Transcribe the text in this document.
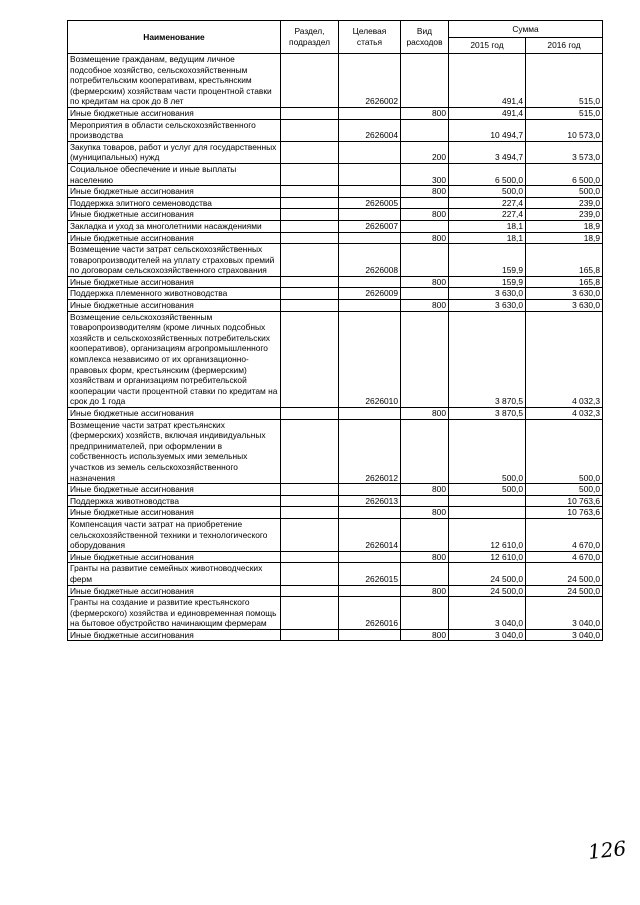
Наименование	Раздел, подраздел	Целевая статья	Вид расходов	Сумма	
				2015 год	2016 год
Возмещение гражданам, ведущим личное подсобное хозяйство, сельскохозяйственным потребительским кооперативам, крестьянским (фермерским) хозяйствам части процентной ставки по кредитам на срок до 8 лет		2626002		491,4	515,0
Иные бюджетные ассигнования			800	491,4	515,0
Мероприятия в области сельскохозяйственного производства		2626004		10 494,7	10 573,0
Закупка товаров, работ и услуг для государственных (муниципальных) нужд			200	3 494,7	3 573,0
Социальное обеспечение и иные выплаты населению			300	6 500,0	6 500,0
Иные бюджетные ассигнования			800	500,0	500,0
Поддержка элитного семеноводства		2626005		227,4	239,0
Иные бюджетные ассигнования			800	227,4	239,0
Закладка и уход за многолетними насаждениями		2626007		18,1	18,9
Иные бюджетные ассигнования			800	18,1	18,9
Возмещение части затрат сельскохозяйственных товаропроизводителей на уплату страховых премий по договорам сельскохозяйственного страхования		2626008		159,9	165,8
Иные бюджетные ассигнования			800	159,9	165,8
Поддержка племенного животноводства		2626009		3 630,0	3 630,0
Иные бюджетные ассигнования			800	3 630,0	3 630,0
Возмещение сельскохозяйственным товаропроизводителям (кроме личных подсобных хозяйств и сельскохозяйственных потребительских кооперативов), организациям агропромышленного комплекса независимо от их организационно-правовых форм, крестьянским (фермерским) хозяйствам и организациям потребительской кооперации части процентной ставки по кредитам на срок до 1 года		2626010		3 870,5	4 032,3
Иные бюджетные ассигнования			800	3 870,5	4 032,3
Возмещение части затрат крестьянских (фермерских) хозяйств, включая индивидуальных предпринимателей, при оформлении в собственность используемых ими земельных участков из земель сельскохозяйственного назначения		2626012		500,0	500,0
Иные бюджетные ассигнования			800	500,0	500,0
Поддержка животноводства		2626013			10 763,6
Иные бюджетные ассигнования			800		10 763,6
Компенсация части затрат на приобретение сельскохозяйственной техники и технологического оборудования		2626014		12 610,0	4 670,0
Иные бюджетные ассигнования			800	12 610,0	4 670,0
Гранты на развитие семейных животноводческих ферм		2626015		24 500,0	24 500,0
Иные бюджетные ассигнования			800	24 500,0	24 500,0
Гранты на создание и развитие крестьянского (фермерского) хозяйства и единовременная помощь на бытовое обустройство начинающим фермерам		2626016		3 040,0	3 040,0
Иные бюджетные ассигнования			800	3 040,0	3 040,0
126
